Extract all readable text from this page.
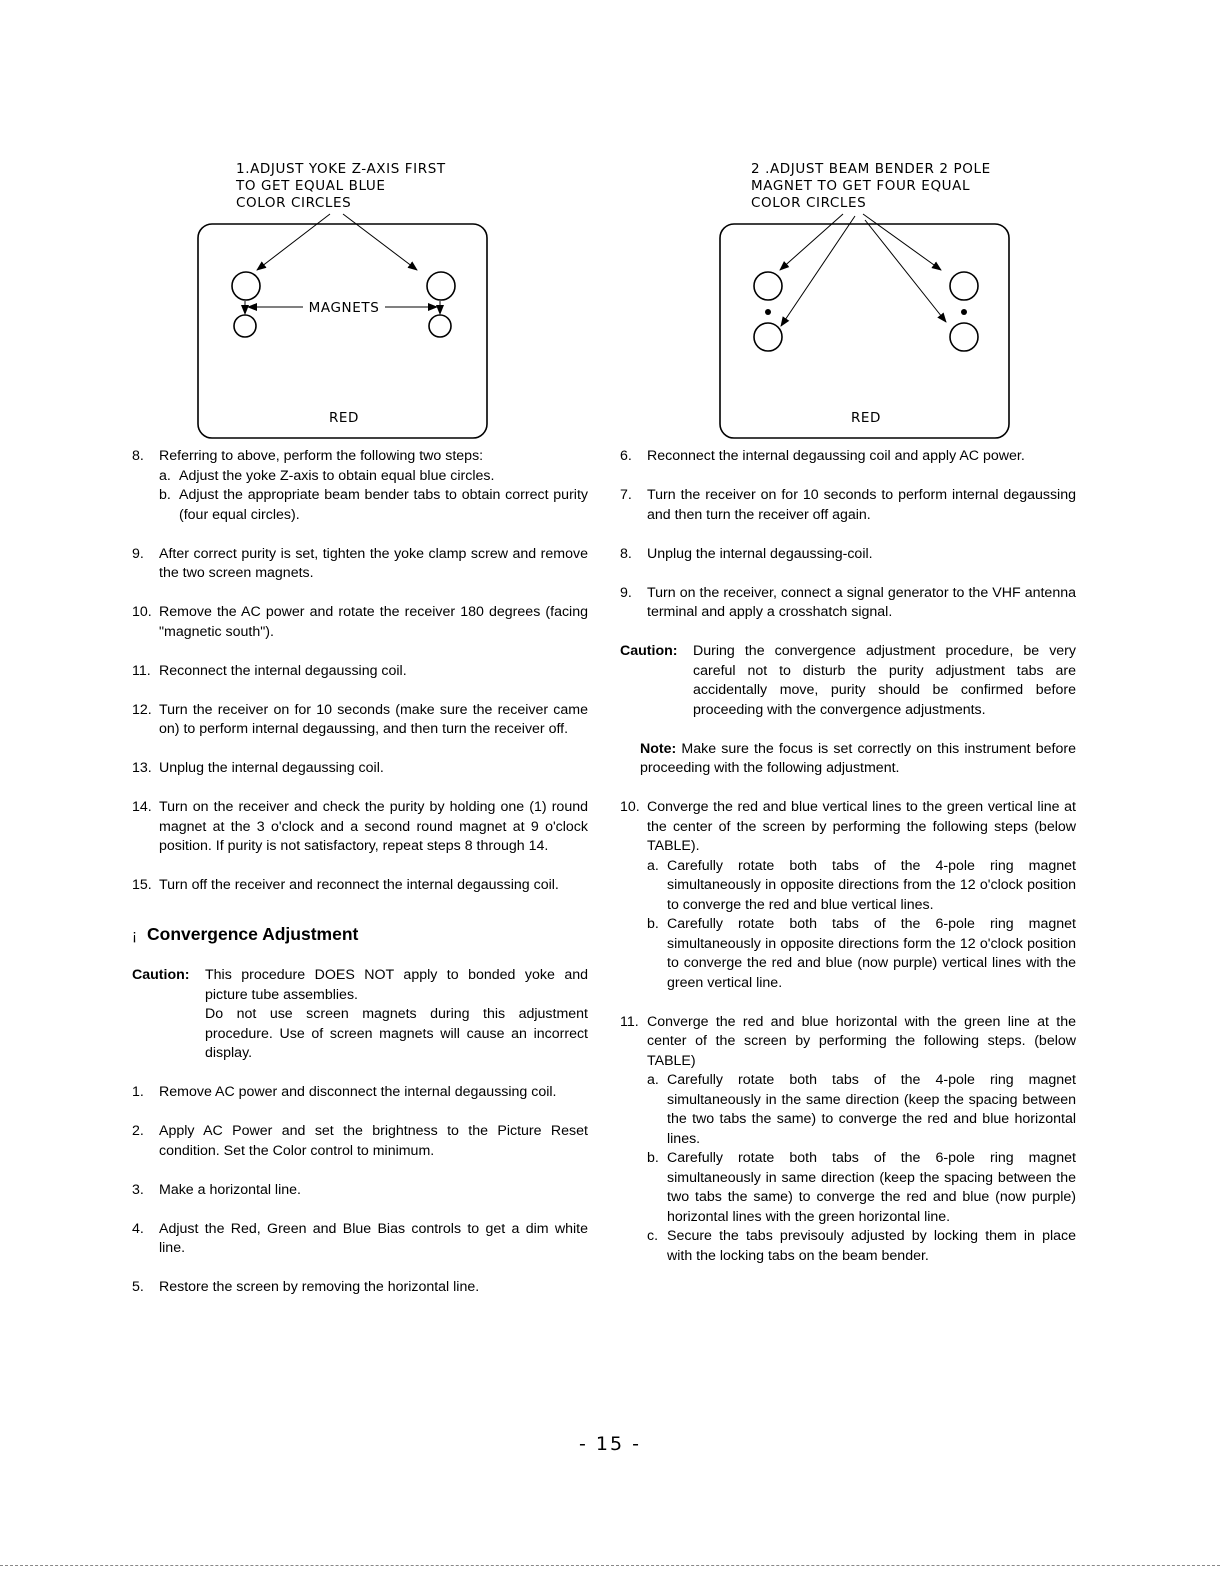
1.ADJUST YOKE Z-AXIS FIRST
TO GET EQUAL BLUE
COLOR CIRCLES
MAGNETS
RED
2 .ADJUST BEAM BENDER 2 POLE
MAGNET TO GET FOUR EQUAL
COLOR CIRCLES
RED
8. Referring to above, perform the following two steps:
a. Adjust the yoke Z-axis to obtain equal blue circles.
b. Adjust the appropriate beam bender tabs to obtain correct purity (four equal circles).
9. After correct purity is set, tighten the yoke clamp screw and remove the two screen magnets.
10. Remove the AC power and rotate the receiver 180 degrees (facing "magnetic south").
11. Reconnect the internal degaussing coil.
12. Turn the receiver on for 10 seconds (make sure the receiver came on) to perform internal degaussing, and then turn the receiver off.
13. Unplug the internal degaussing coil.
14. Turn on the receiver and check the purity by holding one (1) round magnet at the 3 o'clock and a second round magnet at 9 o'clock position. If purity is not satisfactory, repeat steps 8 through 14.
15. Turn off the receiver and reconnect the internal degaussing coil.
¡ Convergence Adjustment
Caution: This procedure DOES NOT apply to bonded yoke and picture tube assemblies.

Do not use screen magnets during this adjustment procedure. Use of screen magnets will cause an incorrect display.

1. Remove AC power and disconnect the internal degaussing coil.
2. Apply AC Power and set the brightness to the Picture Reset condition. Set the Color control to minimum.
3. Make a horizontal line.
4. Adjust the Red, Green and Blue Bias controls to get a dim white line.
5. Restore the screen by removing the horizontal line.
6. Reconnect the internal degaussing coil and apply AC power.
7. Turn the receiver on for 10 seconds to perform internal degaussing and then turn the receiver off again.
8. Unplug the internal degaussing-coil.
9. Turn on the receiver, connect a signal generator to the VHF antenna terminal and apply a crosshatch signal.
Caution: During the convergence adjustment procedure, be very careful not to disturb the purity adjustment tabs are accidentally move, purity should be confirmed before proceeding with the convergence adjustments.

Note: Make sure the focus is set correctly on this instrument before proceeding with the following adjustment.
10. Converge the red and blue vertical lines to the green vertical line at the center of the screen by performing the following steps (below TABLE).
a. Carefully rotate both tabs of the 4-pole ring magnet simultaneously in opposite directions from the 12 o'clock position to converge the red and blue vertical lines.
b. Carefully rotate both tabs of the 6-pole ring magnet simultaneously in opposite directions form the 12 o'clock position to converge the red and blue (now purple) vertical lines with the green vertical line.
11. Converge the red and blue horizontal with the green line at the center of the screen by performing the following steps. (below TABLE)
a. Carefully rotate both tabs of the 4-pole ring magnet simultaneously in the same direction (keep the spacing between the two tabs the same) to converge the red and blue horizontal lines.
b. Carefully rotate both tabs of the 6-pole ring magnet simultaneously in same direction (keep the spacing between the two tabs the same) to converge the red and blue (now purple) horizontal lines with the green horizontal line.
c. Secure the tabs previsouly adjusted by locking them in place with the locking tabs on the beam bender.
- 15 -
